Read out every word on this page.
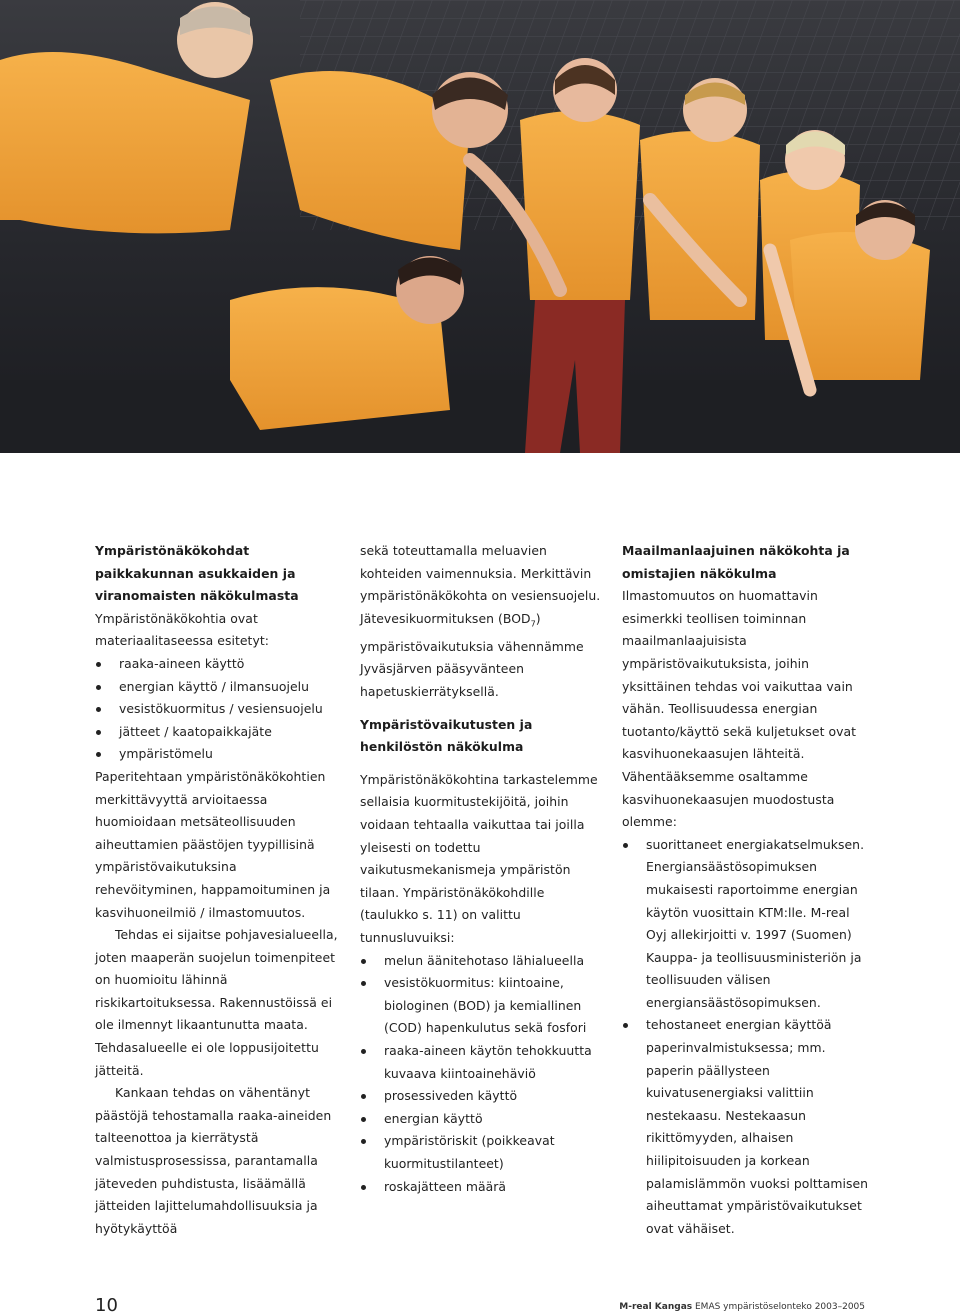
Ympäristönäkökohdat paikkakunnan asukkaiden ja viranomaisten näkökulmasta

Ympäristönäkökohtia ovat materiaalitaseessa esitetyt:

raaka-aineen käyttö
energian käyttö / ilmansuojelu
vesistökuormitus / vesiensuojelu
jätteet / kaatopaikkajäte
ympäristömelu

Paperitehtaan ympäristönäkökohtien merkittävyyttä arvioitaessa huomioidaan metsäteollisuuden aiheuttamien päästöjen tyypillisinä ympäristövaikutuksina rehevöityminen, happamoituminen ja kasvihuoneilmiö / ilmastomuutos.

Tehdas ei sijaitse pohjavesialueella, joten maaperän suojelun toimenpiteet on huomioitu lähinnä riskikartoituksessa. Rakennustöissä ei ole ilmennyt likaantunutta maata. Tehdasalueelle ei ole loppusijoitettu jätteitä.

Kankaan tehdas on vähentänyt päästöjä tehostamalla raaka-aineiden talteenottoa ja kierrätystä valmistusprosessissa, parantamalla jäteveden puhdistusta, lisäämällä jätteiden lajittelumahdollisuuksia ja hyötykäyttöä

sekä toteuttamalla meluavien kohteiden vaimennuksia. Merkittävin ympäristönäkökohta on vesiensuojelu. Jätevesikuormituksen $(BOD_7)$ ympäristövaikutuksia vähennämme Jyväsjärven pääsyvänteen hapetuskierrätyksellä.

Ympäristövaikutusten ja henkilöstön näkökulma

Ympäristönäkökohtina tarkastelemme sellaisia kuormitustekijöitä, joihin voidaan tehtaalla vaikuttaa tai joilla yleisesti on todettu vaikutusmekanismeja ympäristön tilaan. Ympäristönäkökohdille (taulukko s. 11) on valittu tunnusluvuiksi:

melun äänitehotaso lähialueella
vesistökuormitus: kiintoaine, biologinen (BOD) ja kemiallinen (COD) hapenkulutus sekä fosfori
raaka-aineen käytön tehokkuutta kuvaava kiintoainehäviö
prosessiveden käyttö
energian käyttö
ympäristöriskit (poikkeavat kuormitustilanteet)
roskajätteen määrä

Maailmanlaajuinen näkökohta ja omistajien näkökulma

Ilmastomuutos on huomattavin esimerkki teollisen toiminnan maailmanlaajuisista ympäristövaikutuksista, joihin yksittäinen tehdas voi vaikuttaa vain vähän. Teollisuudessa energian tuotanto/käyttö sekä kuljetukset ovat kasvihuonekaasujen lähteitä. Vähentääksemme osaltamme kasvihuonekaasujen muodostusta olemme:

suorittaneet energiakatselmuksen. Energiansäästösopimuksen mukaisesti raportoimme energian käytön vuosittain KTM:lle. M-real Oyj allekirjoitti v. 1997 (Suomen) Kauppa- ja teollisuusministeriön ja teollisuuden välisen energiansäästösopimuksen.
tehostaneet energian käyttöä paperinvalmistuksessa; mm. paperin päällysteen kuivatusenergiaksi valittiin nestekaasu. Nestekaasun rikittömyyden, alhaisen hiilipitoisuuden ja korkean palamislämmön vuoksi polttamisen aiheuttamat ympäristövaikutukset ovat vähäiset.
10	M-real Kangas EMAS ympäristöselonteko 2003–2005
